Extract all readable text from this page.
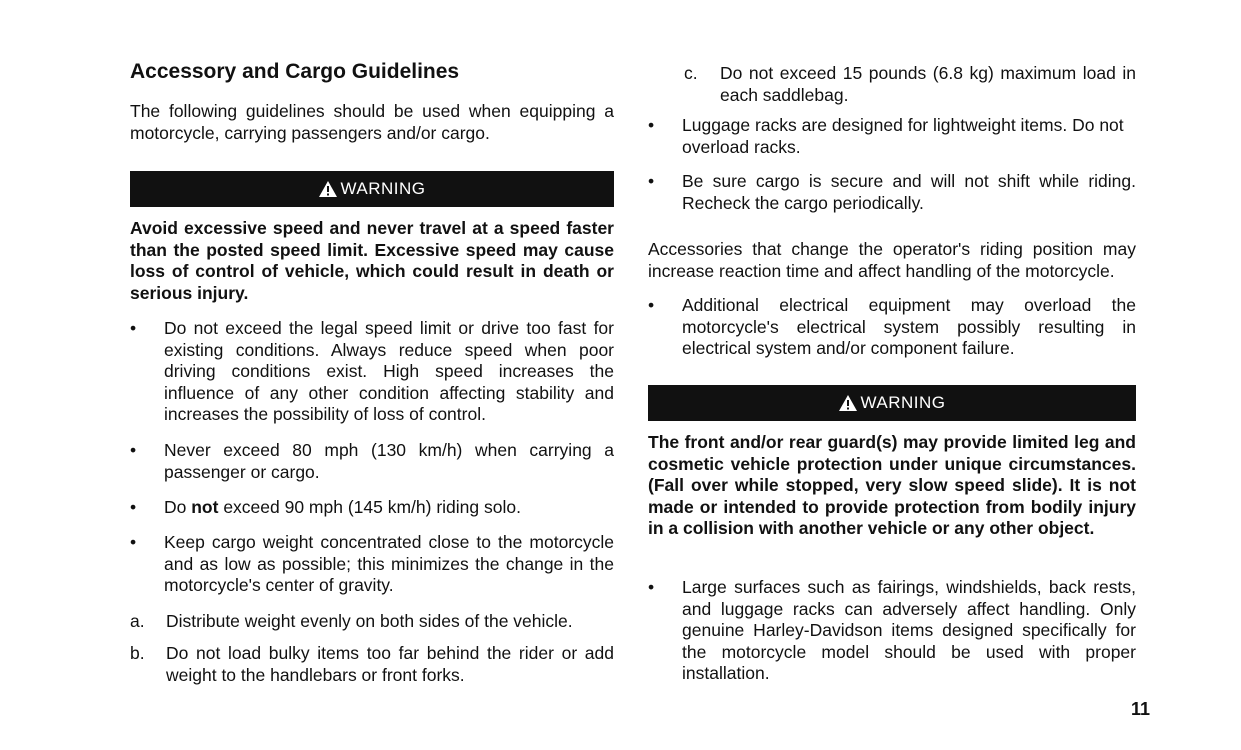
Accessory and Cargo Guidelines

The following guidelines should be used when equipping a motorcycle, carrying passengers and/or cargo.

WARNING

Avoid excessive speed and never travel at a speed faster than the posted speed limit. Excessive speed may cause loss of control of vehicle, which could result in death or serious injury.

• Do not exceed the legal speed limit or drive too fast for existing conditions. Always reduce speed when poor driving conditions exist. High speed increases the influence of any other condition affecting stability and increases the possibility of loss of control.
• Never exceed 80 mph (130 km/h) when carrying a passenger or cargo.
• Do not exceed 90 mph (145 km/h) riding solo.
• Keep cargo weight concentrated close to the motorcycle and as low as possible; this minimizes the change in the motorcycle's center of gravity.
a. Distribute weight evenly on both sides of the vehicle.
b. Do not load bulky items too far behind the rider or add weight to the handlebars or front forks.
c. Do not exceed 15 pounds (6.8 kg) maximum load in each saddlebag.
• Luggage racks are designed for lightweight items. Do not overload racks.
• Be sure cargo is secure and will not shift while riding. Recheck the cargo periodically.

Accessories that change the operator's riding position may increase reaction time and affect handling of the motorcycle.

• Additional electrical equipment may overload the motorcycle's electrical system possibly resulting in electrical system and/or component failure.
WARNING

The front and/or rear guard(s) may provide limited leg and cosmetic vehicle protection under unique circumstances. (Fall over while stopped, very slow speed slide). It is not made or intended to provide protection from bodily injury in a collision with another vehicle or any other object.

• Large surfaces such as fairings, windshields, back rests, and luggage racks can adversely affect handling. Only genuine Harley-Davidson items designed specifically for the motorcycle model should be used with proper installation.
11
